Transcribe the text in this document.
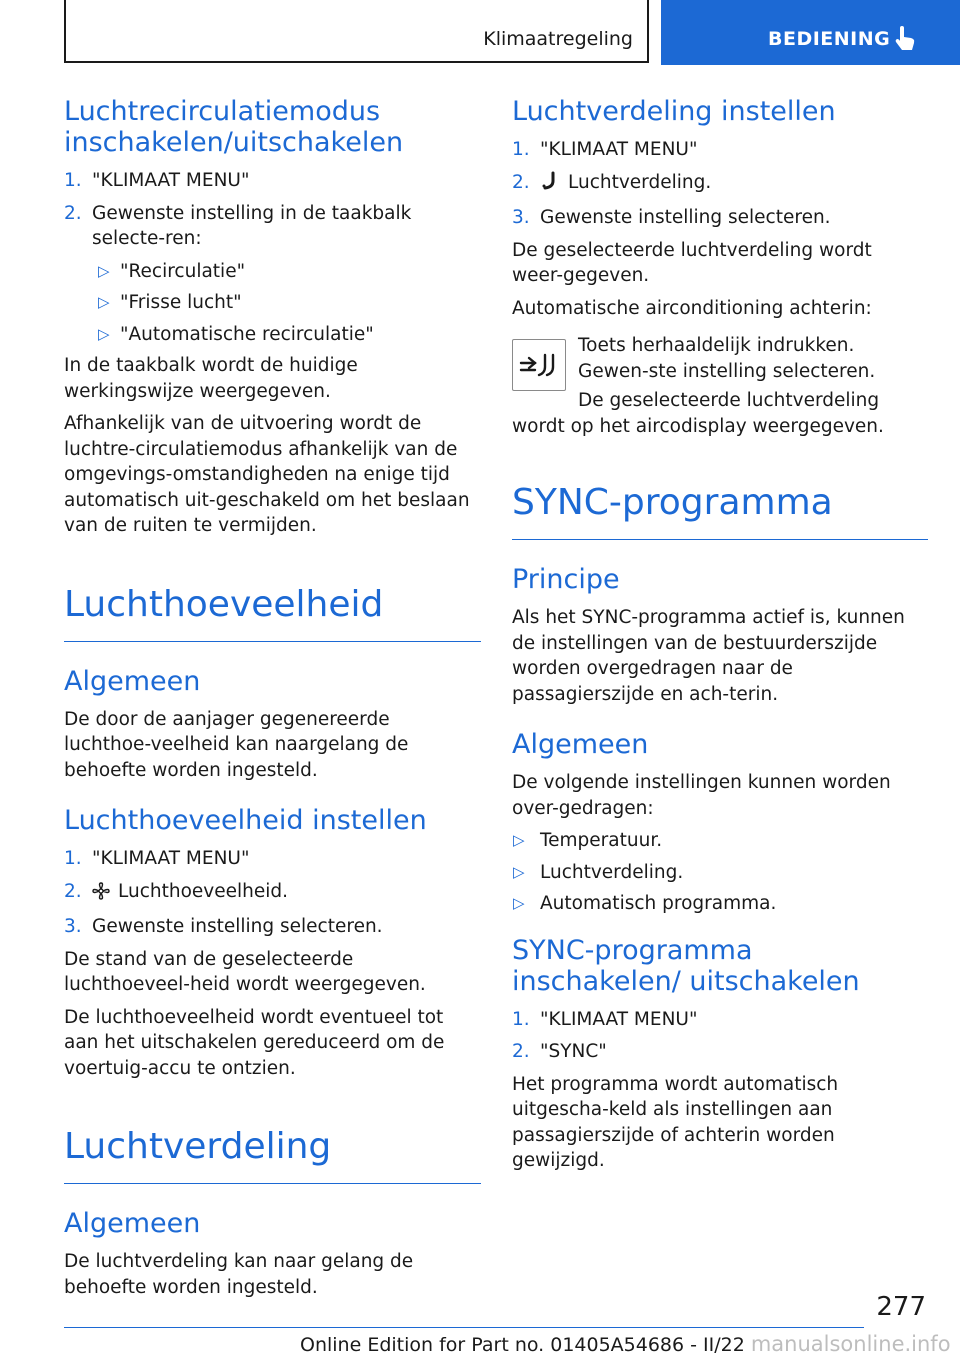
Klimaatregeling	BEDIENING
Luchtrecirculatiemodus inschakelen/uitschakelen
1. "KLIMAAT MENU"
2. Gewenste instelling in de taakbalk selecte-ren:
▷ "Recirculatie"
▷ "Frisse lucht"
▷ "Automatische recirculatie"

In de taakbalk wordt de huidige werkingswijze weergegeven.

Afhankelijk van de uitvoering wordt de luchtre-circulatiemodus afhankelijk van de omgevings-omstandigheden na enige tijd automatisch uit-geschakeld om het beslaan van de ruiten te vermijden.

Luchthoeveelheid
Algemeen

De door de aanjager gegenereerde luchthoe-veelheid kan naargelang de behoefte worden ingesteld.

Luchthoeveelheid instellen
1. "KLIMAAT MENU"
2. Luchthoeveelheid.
3. Gewenste instelling selecteren.

De stand van de geselecteerde luchthoeveel-heid wordt weergegeven.

De luchthoeveelheid wordt eventueel tot aan het uitschakelen gereduceerd om de voertuig-accu te ontzien.

Luchtverdeling
Algemeen

De luchtverdeling kan naar gelang de behoefte worden ingesteld.

Luchtverdeling instellen
1. "KLIMAAT MENU"
2. Luchtverdeling.
3. Gewenste instelling selecteren.

De geselecteerde luchtverdeling wordt weer-gegeven.

Automatische airconditioning achterin:

Toets herhaaldelijk indrukken. Gewen-ste instelling selecteren.

De geselecteerde luchtverdeling wordt op het aircodisplay weergegeven.

SYNC-programma
Principe

Als het SYNC-programma actief is, kunnen de instellingen van de bestuurderszijde worden overgedragen naar de passagierszijde en ach-terin.

Algemeen

De volgende instellingen kunnen worden over-gedragen:

▷ Temperatuur.
▷ Luchtverdeling.
▷ Automatisch programma.
SYNC-programma inschakelen/ uitschakelen
1. "KLIMAAT MENU"
2. "SYNC"

Het programma wordt automatisch uitgescha-keld als instellingen aan passagierszijde of achterin worden gewijzigd.

277
Online Edition for Part no. 01405A54686 - II/22 manualsonline.info
